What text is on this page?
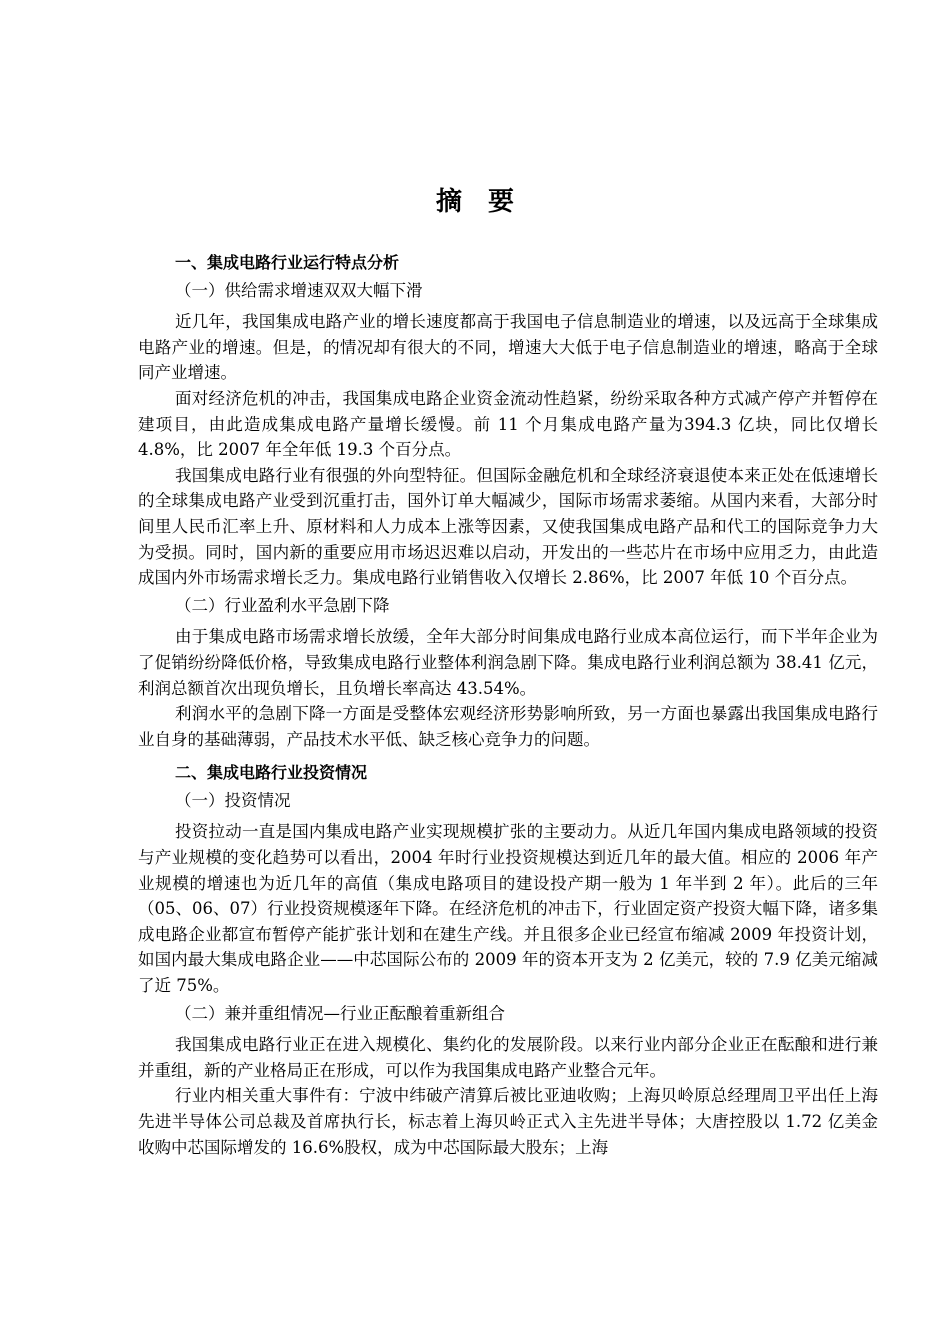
摘要

一、集成电路行业运行特点分析

（一）供给需求增速双双大幅下滑

近几年，我国集成电路产业的增长速度都高于我国电子信息制造业的增速，以及远高于全球集成电路产业的增速。但是，的情况却有很大的不同，增速大大低于电子信息制造业的增速，略高于全球同产业增速。

面对经济危机的冲击，我国集成电路企业资金流动性趋紧，纷纷采取各种方式减产停产并暂停在建项目，由此造成集成电路产量增长缓慢。前 11 个月集成电路产量为394.3 亿块，同比仅增长 4.8%，比 2007 年全年低 19.3 个百分点。

我国集成电路行业有很强的外向型特征。但国际金融危机和全球经济衰退使本来正处在低速增长的全球集成电路产业受到沉重打击，国外订单大幅减少，国际市场需求萎缩。从国内来看，大部分时间里人民币汇率上升、原材料和人力成本上涨等因素，又使我国集成电路产品和代工的国际竞争力大为受损。同时，国内新的重要应用市场迟迟难以启动，开发出的一些芯片在市场中应用乏力，由此造成国内外市场需求增长乏力。集成电路行业销售收入仅增长 2.86%，比 2007 年低 10 个百分点。

（二）行业盈利水平急剧下降

由于集成电路市场需求增长放缓，全年大部分时间集成电路行业成本高位运行，而下半年企业为了促销纷纷降低价格，导致集成电路行业整体利润急剧下降。集成电路行业利润总额为 38.41 亿元，利润总额首次出现负增长，且负增长率高达 43.54%。

利润水平的急剧下降一方面是受整体宏观经济形势影响所致，另一方面也暴露出我国集成电路行业自身的基础薄弱，产品技术水平低、缺乏核心竞争力的问题。

二、集成电路行业投资情况

（一）投资情况

投资拉动一直是国内集成电路产业实现规模扩张的主要动力。从近几年国内集成电路领域的投资与产业规模的变化趋势可以看出，2004 年时行业投资规模达到近几年的最大值。相应的 2006 年产业规模的增速也为近几年的高值（集成电路项目的建设投产期一般为 1 年半到 2 年）。此后的三年（05、06、07）行业投资规模逐年下降。在经济危机的冲击下，行业固定资产投资大幅下降，诸多集成电路企业都宣布暂停产能扩张计划和在建生产线。并且很多企业已经宣布缩减 2009 年投资计划，如国内最大集成电路企业——中芯国际公布的 2009 年的资本开支为 2 亿美元，较的 7.9 亿美元缩减了近 75%。

（二）兼并重组情况—行业正酝酿着重新组合

我国集成电路行业正在进入规模化、集约化的发展阶段。以来行业内部分企业正在酝酿和进行兼并重组，新的产业格局正在形成，可以作为我国集成电路产业整合元年。

行业内相关重大事件有：宁波中纬破产清算后被比亚迪收购；上海贝岭原总经理周卫平出任上海先进半导体公司总裁及首席执行长，标志着上海贝岭正式入主先进半导体；大唐控股以 1.72 亿美金收购中芯国际增发的 16.6%股权，成为中芯国际最大股东；上海
